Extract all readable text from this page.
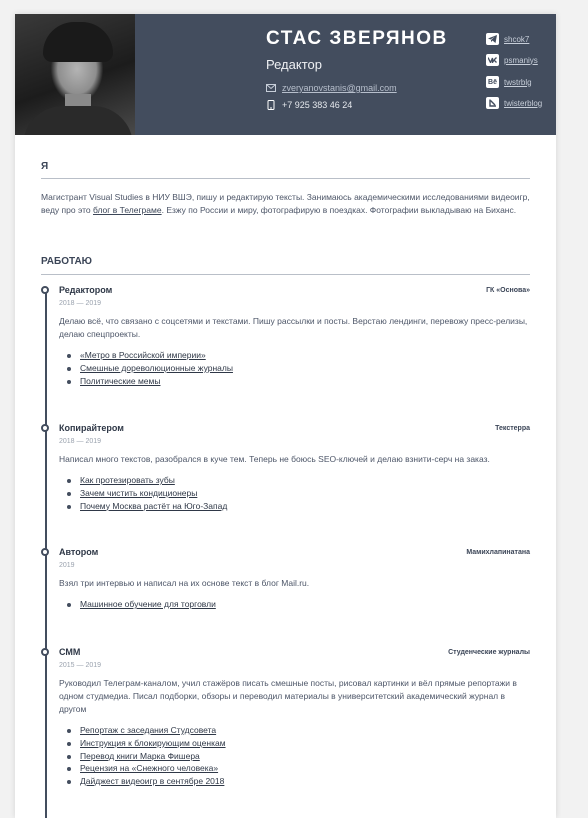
СТАС ЗВЕРЯНОВ
Редактор
zveryanovstanis@gmail.com
+7 925 383 46 24
shcok7
psmaniys
Bē twstrblg
twisterblog
Я
Магистрант Visual Studies в НИУ ВШЭ, пишу и редактирую тексты. Занимаюсь академическими исследованиями видеоигр, веду про это блог в Телеграме. Езжу по России и миру, фотографирую в поездках. Фотографии выкладываю на Биханс.
РАБОТАЮ
Редактором	ГК «Основа»
2018 — 2019
Делаю всё, что связано с соцсетями и текстами. Пишу рассылки и посты. Верстаю лендинги, перевожу пресс-релизы, делаю спецпроекты.
«Метро в Российской империи»
Смешные дореволюционные журналы
Политические мемы
Копирайтером	Текстерра
2018 — 2019
Написал много текстов, разобрался в куче тем. Теперь не боюсь SEO-ключей и делаю взнити-серч на заказ.
Как протезировать зубы
Зачем чистить кондиционеры
Почему Москва растёт на Юго-Запад
Автором	Мамихлапинатана
2019
Взял три интервью и написал на их основе текст в блог Mail.ru.
Машинное обучение для торговли
СММ	Студенческие журналы
2015 — 2019
Руководил Телеграм-каналом, учил стажёров писать смешные посты, рисовал картинки и вёл прямые репортажи в одном студмедиа. Писал подборки, обзоры и переводил материалы в университетский академический журнал в другом
Репортаж с заседания Студсовета
Инструкция к блокирующим оценкам
Перевод книги Марка Фишера
Рецензия на «Снежного человека»
Дайджест видеоигр в сентябре 2018
